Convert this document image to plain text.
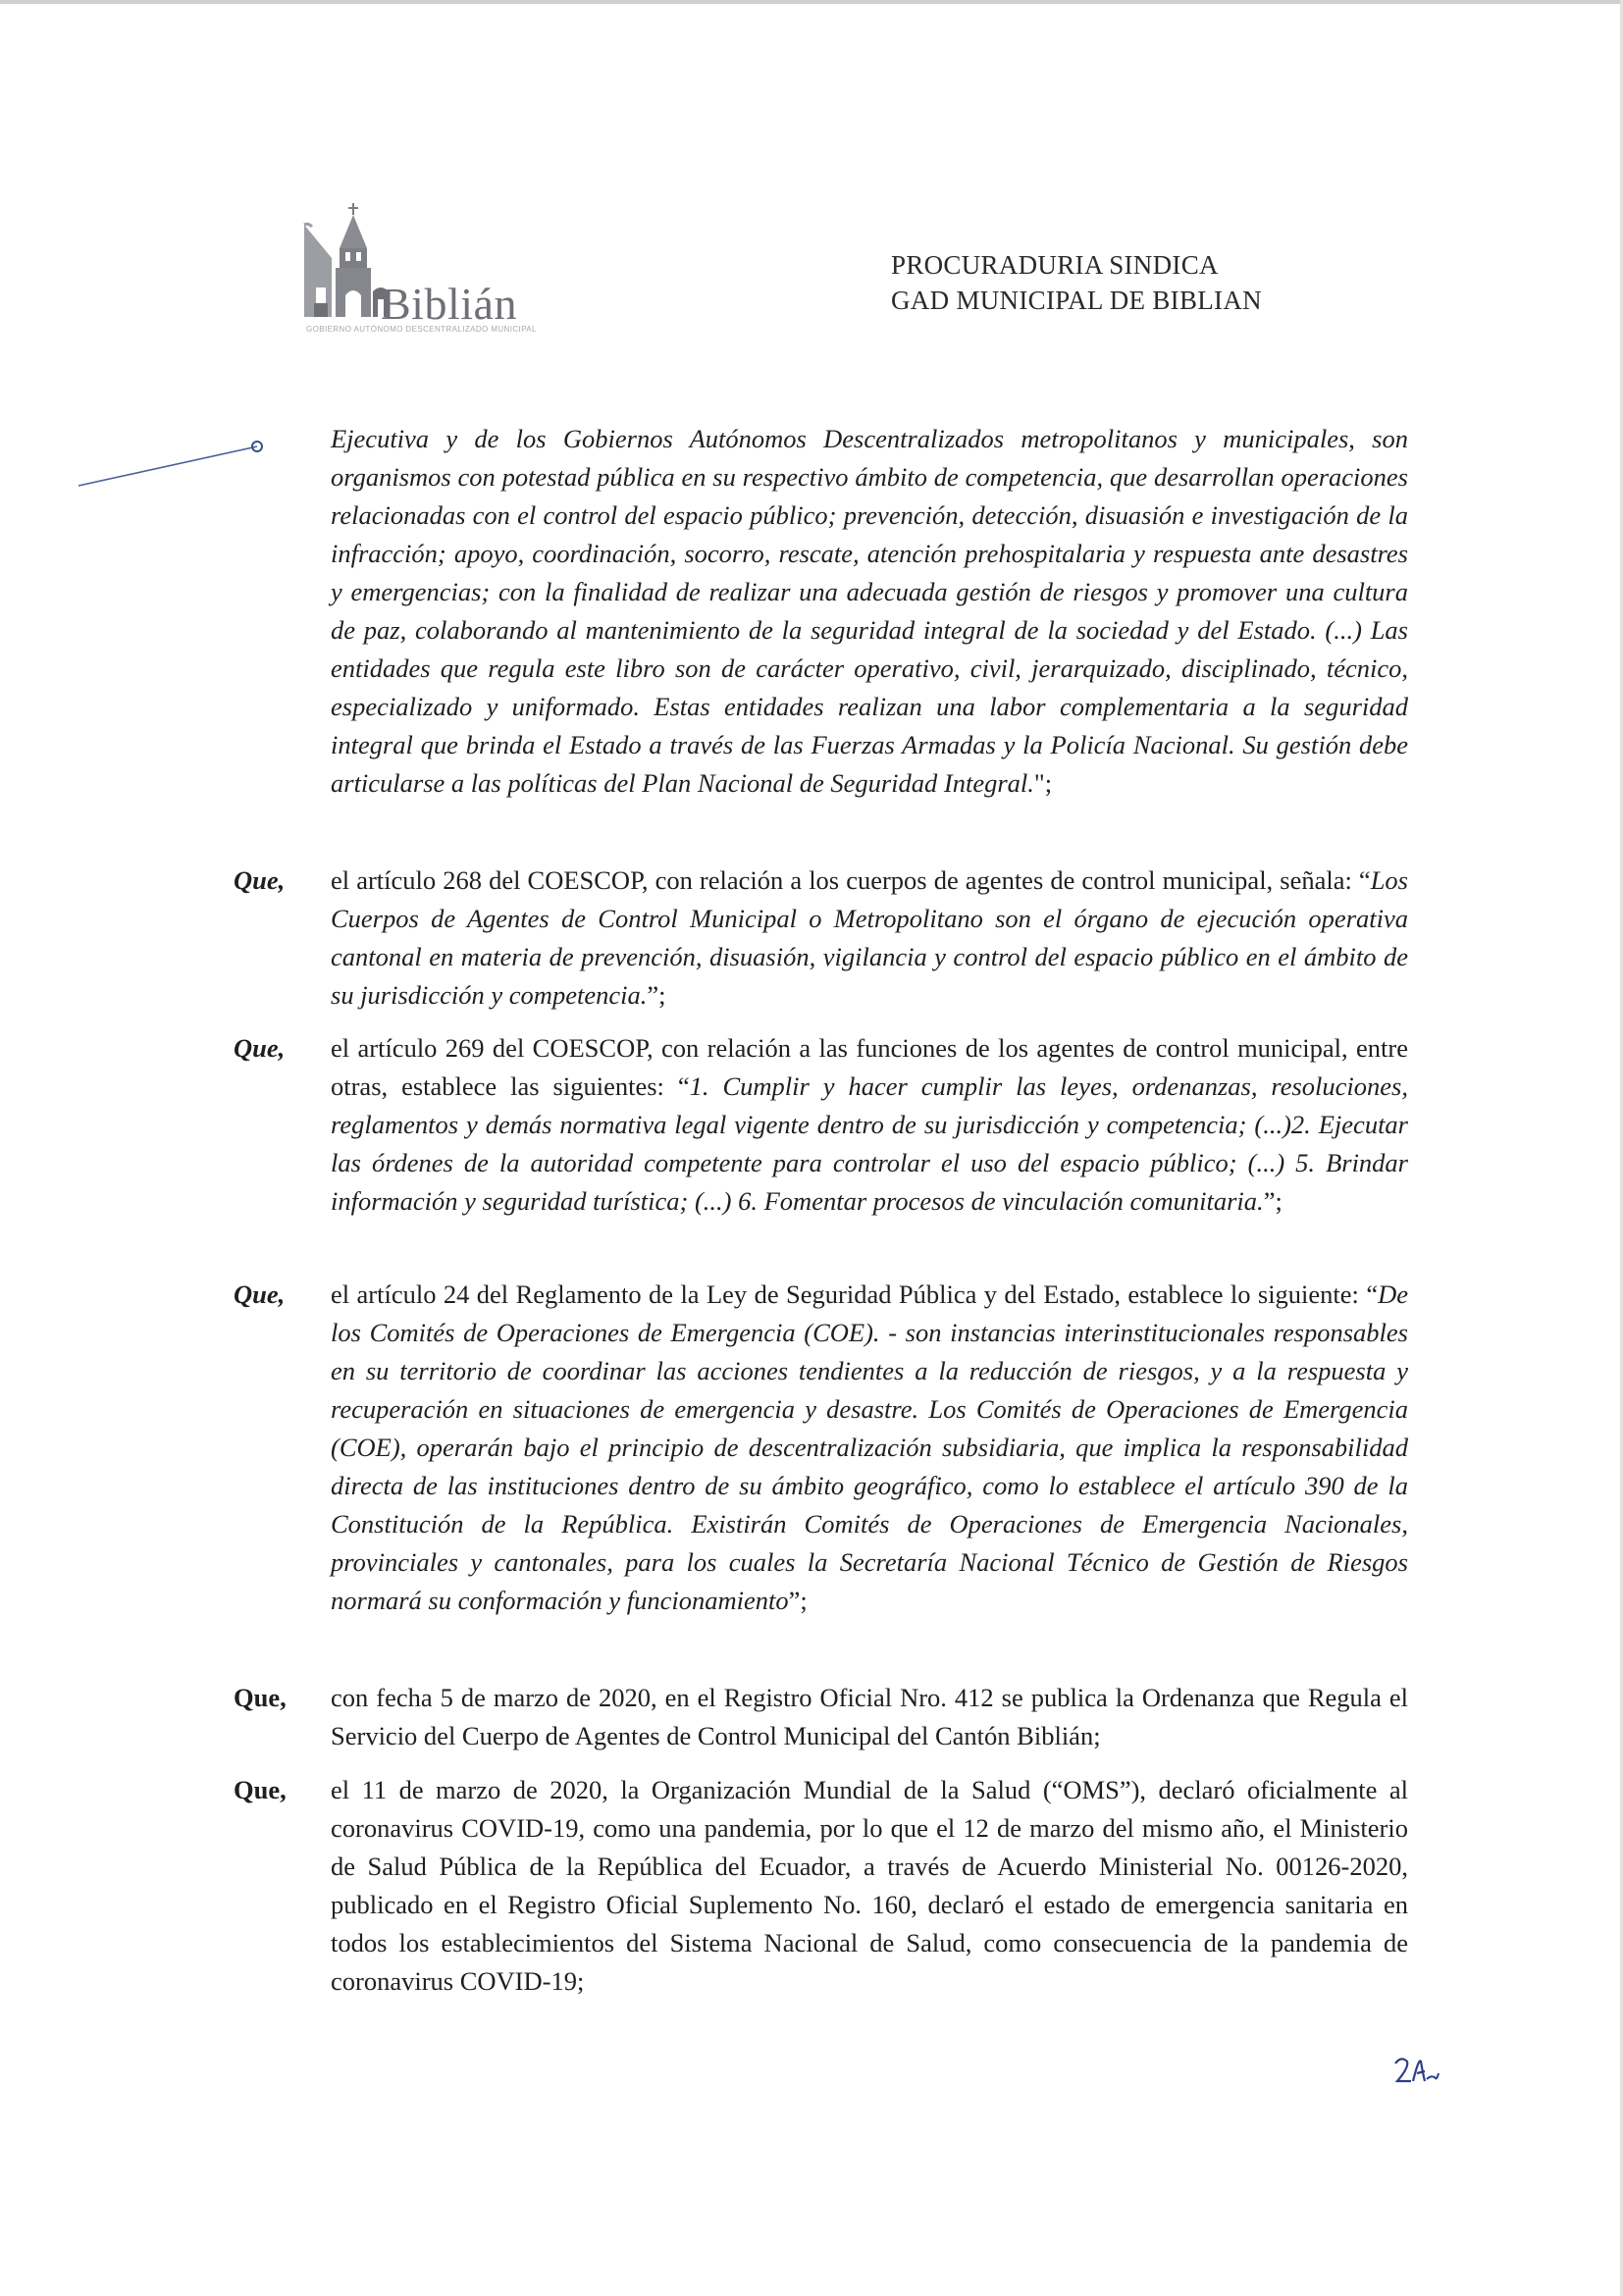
Biblián
GOBIERNO AUTÓNOMO DESCENTRALIZADO MUNICIPAL
PROCURADURIA SINDICA
GAD MUNICIPAL DE BIBLIAN
Ejecutiva y de los Gobiernos Autónomos Descentralizados metropolitanos y municipales, son organismos con potestad pública en su respectivo ámbito de competencia, que desarrollan operaciones relacionadas con el control del espacio público; prevención, detección, disuasión e investigación de la infracción; apoyo, coordinación, socorro, rescate, atención prehospitalaria y respuesta ante desastres y emergencias; con la finalidad de realizar una adecuada gestión de riesgos y promover una cultura de paz, colaborando al mantenimiento de la seguridad integral de la sociedad y del Estado. (...) Las entidades que regula este libro son de carácter operativo, civil, jerarquizado, disciplinado, técnico, especializado y uniformado. Estas entidades realizan una labor complementaria a la seguridad integral que brinda el Estado a través de las Fuerzas Armadas y la Policía Nacional. Su gestión debe articularse a las políticas del Plan Nacional de Seguridad Integral.";
Que,	el artículo 268 del COESCOP, con relación a los cuerpos de agentes de control municipal, señala: “Los Cuerpos de Agentes de Control Municipal o Metropolitano son el órgano de ejecución operativa cantonal en materia de prevención, disuasión, vigilancia y control del espacio público en el ámbito de su jurisdicción y competencia.”;
Que,	el artículo 269 del COESCOP, con relación a las funciones de los agentes de control municipal, entre otras, establece las siguientes: “1. Cumplir y hacer cumplir las leyes, ordenanzas, resoluciones, reglamentos y demás normativa legal vigente dentro de su jurisdicción y competencia; (...)2. Ejecutar las órdenes de la autoridad competente para controlar el uso del espacio público; (...) 5. Brindar información y seguridad turística; (...) 6. Fomentar procesos de vinculación comunitaria.”;
Que,	el artículo 24 del Reglamento de la Ley de Seguridad Pública y del Estado, establece lo siguiente: “De los Comités de Operaciones de Emergencia (COE). - son instancias interinstitucionales responsables en su territorio de coordinar las acciones tendientes a la reducción de riesgos, y a la respuesta y recuperación en situaciones de emergencia y desastre. Los Comités de Operaciones de Emergencia (COE), operarán bajo el principio de descentralización subsidiaria, que implica la responsabilidad directa de las instituciones dentro de su ámbito geográfico, como lo establece el artículo 390 de la Constitución de la República. Existirán Comités de Operaciones de Emergencia Nacionales, provinciales y cantonales, para los cuales la Secretaría Nacional Técnico de Gestión de Riesgos normará su conformación y funcionamiento”;
Que,	con fecha 5 de marzo de 2020, en el Registro Oficial Nro. 412 se publica la Ordenanza que Regula el Servicio del Cuerpo de Agentes de Control Municipal del Cantón Biblián;
Que,	el 11 de marzo de 2020, la Organización Mundial de la Salud (“OMS”), declaró oficialmente al coronavirus COVID-19, como una pandemia, por lo que el 12 de marzo del mismo año, el Ministerio de Salud Pública de la República del Ecuador, a través de Acuerdo Ministerial No. 00126-2020, publicado en el Registro Oficial Suplemento No. 160, declaró el estado de emergencia sanitaria en todos los establecimientos del Sistema Nacional de Salud, como consecuencia de la pandemia de coronavirus COVID-19;
